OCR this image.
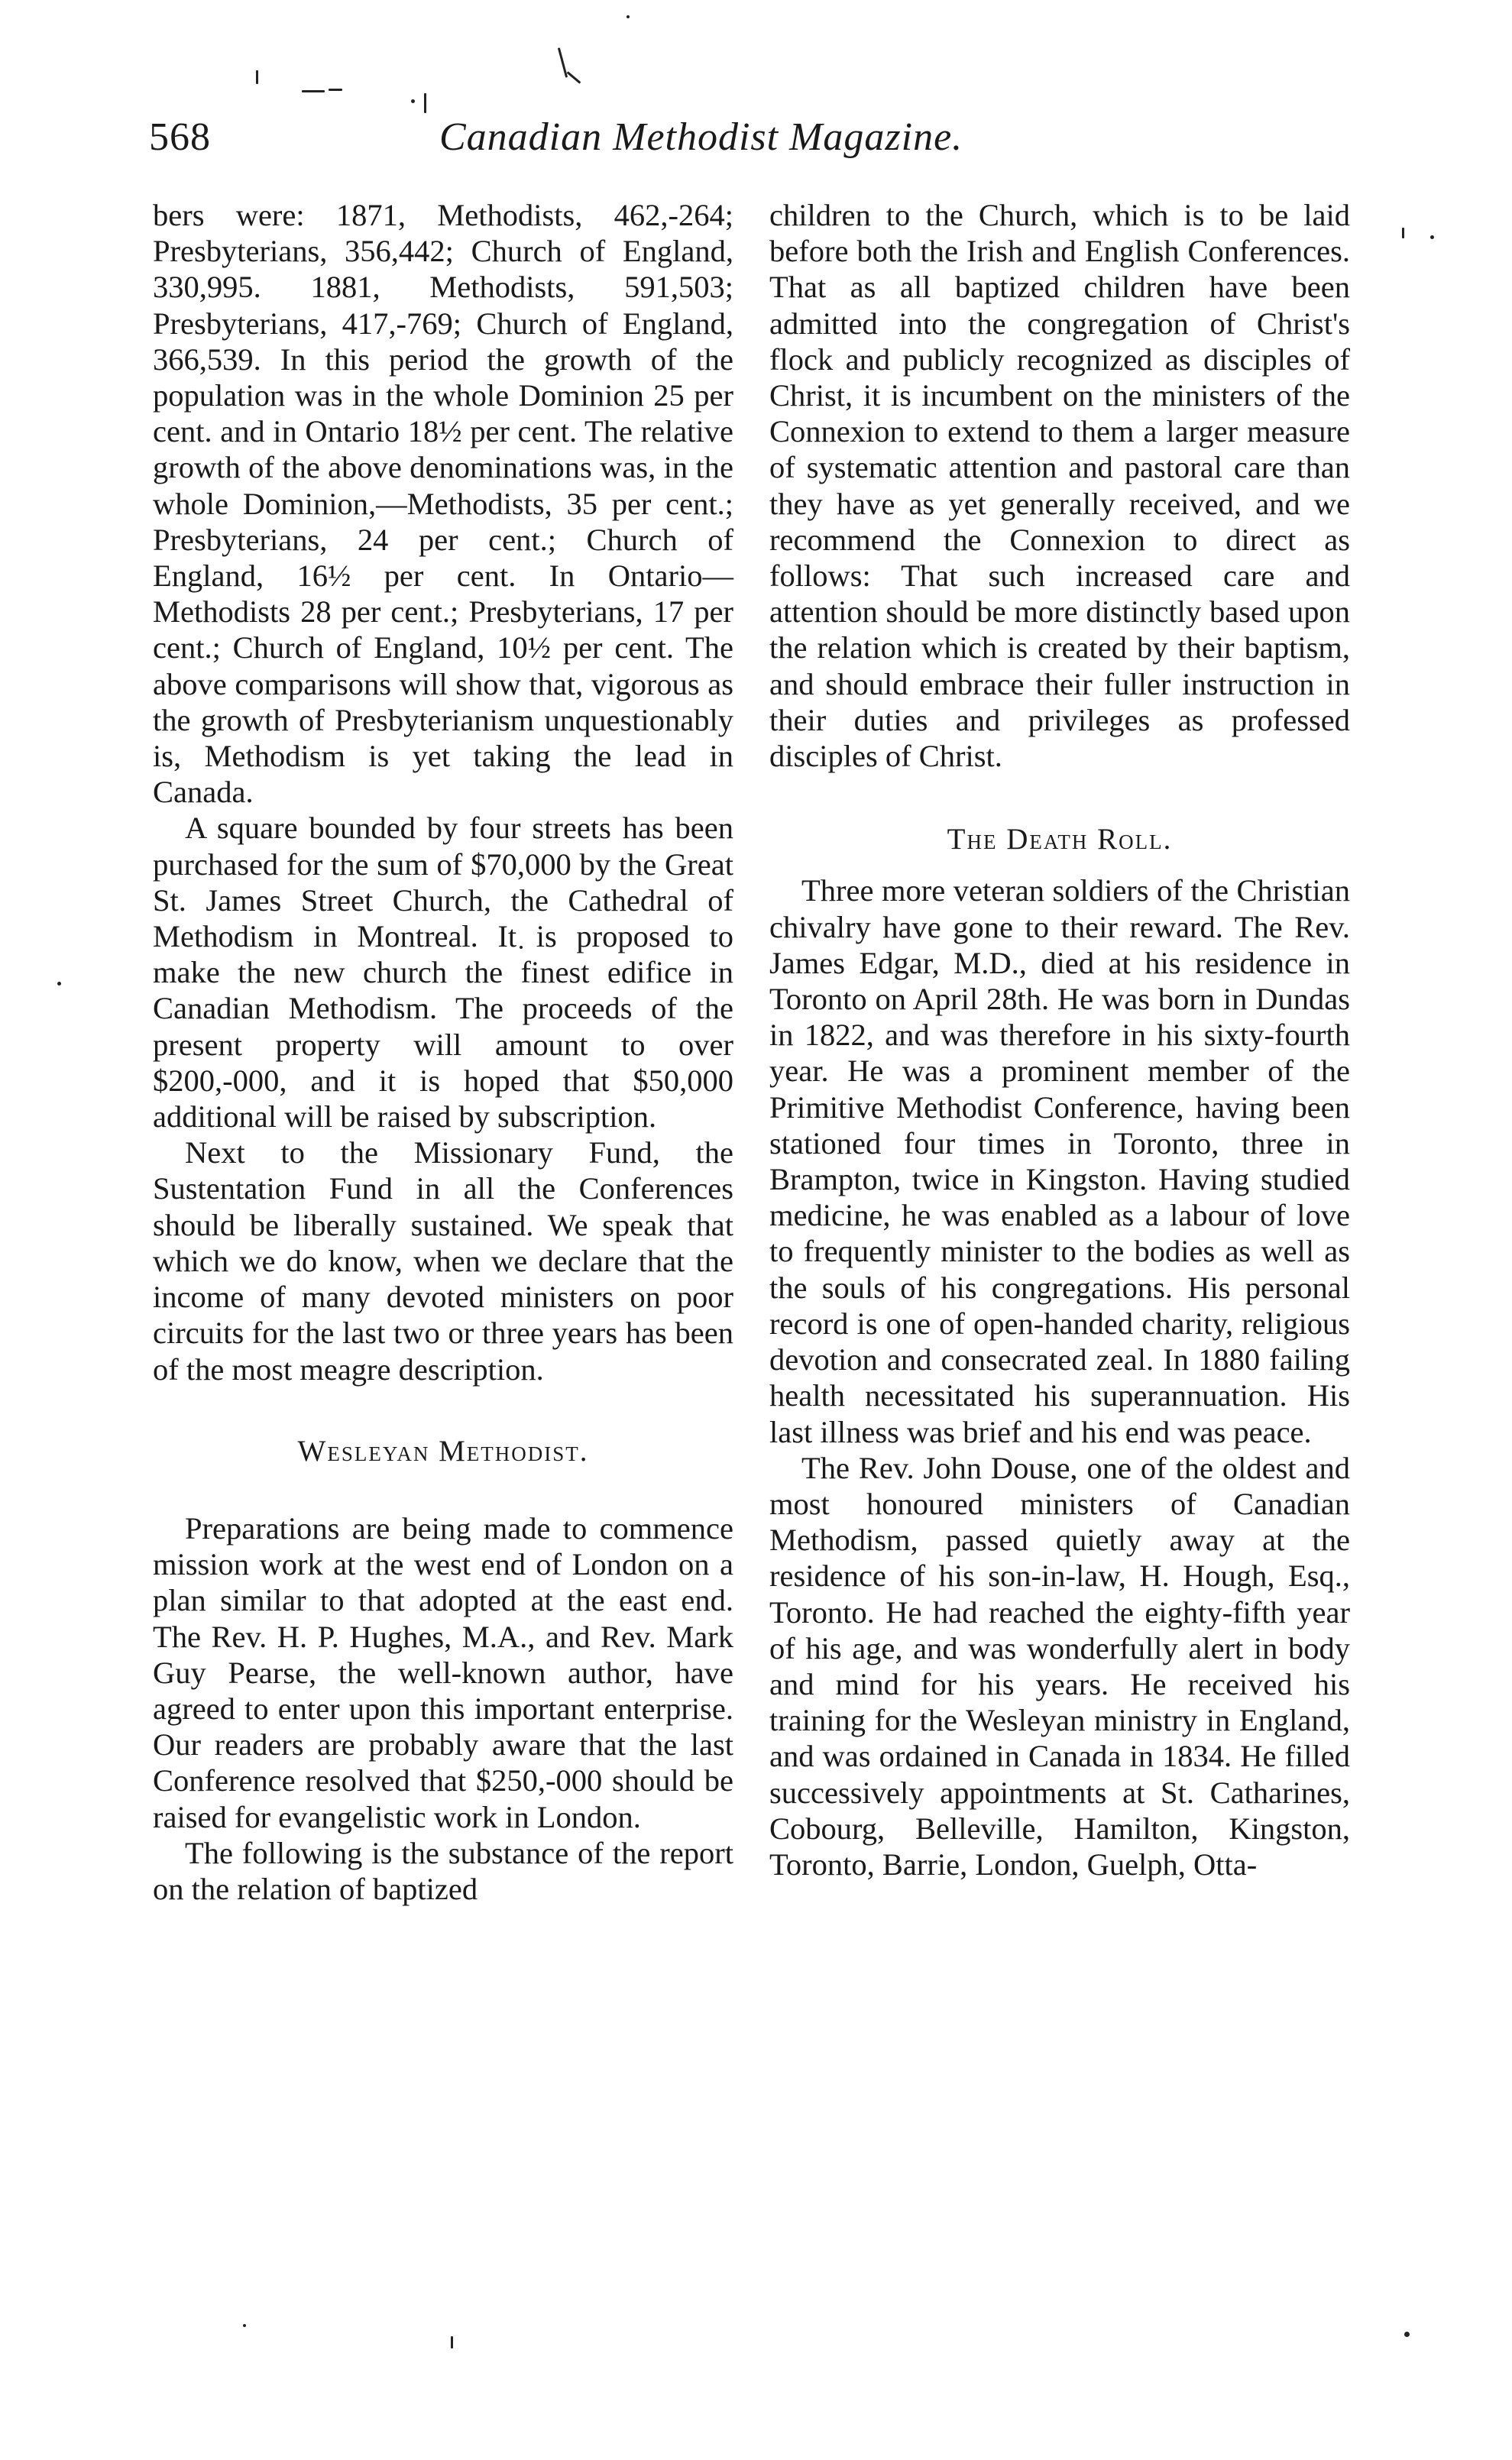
568	Canadian Methodist Magazine.

bers were: 1871, Methodists, 462,-264; Presbyterians, 356,442; Church of England, 330,995. 1881, Methodists, 591,503; Presbyterians, 417,-769; Church of England, 366,539. In this period the growth of the population was in the whole Dominion 25 per cent. and in Ontario 18½ per cent. The relative growth of the above denominations was, in the whole Dominion,—Methodists, 35 per cent.; Presbyterians, 24 per cent.; Church of England, 16½ per cent. In Ontario—Methodists 28 per cent.; Presbyterians, 17 per cent.; Church of England, 10½ per cent. The above comparisons will show that, vigorous as the growth of Presbyterianism unquestionably is, Methodism is yet taking the lead in Canada.

A square bounded by four streets has been purchased for the sum of $70,000 by the Great St. James Street Church, the Cathedral of Methodism in Montreal. It is proposed to make the new church the finest edifice in Canadian Methodism. The proceeds of the present property will amount to over $200,-000, and it is hoped that $50,000 additional will be raised by subscription.

Next to the Missionary Fund, the Sustentation Fund in all the Conferences should be liberally sustained. We speak that which we do know, when we declare that the income of many devoted ministers on poor circuits for the last two or three years has been of the most meagre description.

Wesleyan Methodist.

Preparations are being made to commence mission work at the west end of London on a plan similar to that adopted at the east end. The Rev. H. P. Hughes, M.A., and Rev. Mark Guy Pearse, the well-known author, have agreed to enter upon this important enterprise. Our readers are probably aware that the last Conference resolved that $250,-000 should be raised for evangelistic work in London.

The following is the substance of the report on the relation of baptized

children to the Church, which is to be laid before both the Irish and English Conferences. That as all baptized children have been admitted into the congregation of Christ's flock and publicly recognized as disciples of Christ, it is incumbent on the ministers of the Connexion to extend to them a larger measure of systematic attention and pastoral care than they have as yet generally received, and we recommend the Connexion to direct as follows: That such increased care and attention should be more distinctly based upon the relation which is created by their baptism, and should embrace their fuller instruction in their duties and privileges as professed disciples of Christ.

The Death Roll.

Three more veteran soldiers of the Christian chivalry have gone to their reward. The Rev. James Edgar, M.D., died at his residence in Toronto on April 28th. He was born in Dundas in 1822, and was therefore in his sixty-fourth year. He was a prominent member of the Primitive Methodist Conference, having been stationed four times in Toronto, three in Brampton, twice in Kingston. Having studied medicine, he was enabled as a labour of love to frequently minister to the bodies as well as the souls of his congregations. His personal record is one of open-handed charity, religious devotion and consecrated zeal. In 1880 failing health necessitated his superannuation. His last illness was brief and his end was peace.

The Rev. John Douse, one of the oldest and most honoured ministers of Canadian Methodism, passed quietly away at the residence of his son-in-law, H. Hough, Esq., Toronto. He had reached the eighty-fifth year of his age, and was wonderfully alert in body and mind for his years. He received his training for the Wesleyan ministry in England, and was ordained in Canada in 1834. He filled successively appointments at St. Catharines, Cobourg, Belleville, Hamilton, Kingston, Toronto, Barrie, London, Guelph, Otta-
